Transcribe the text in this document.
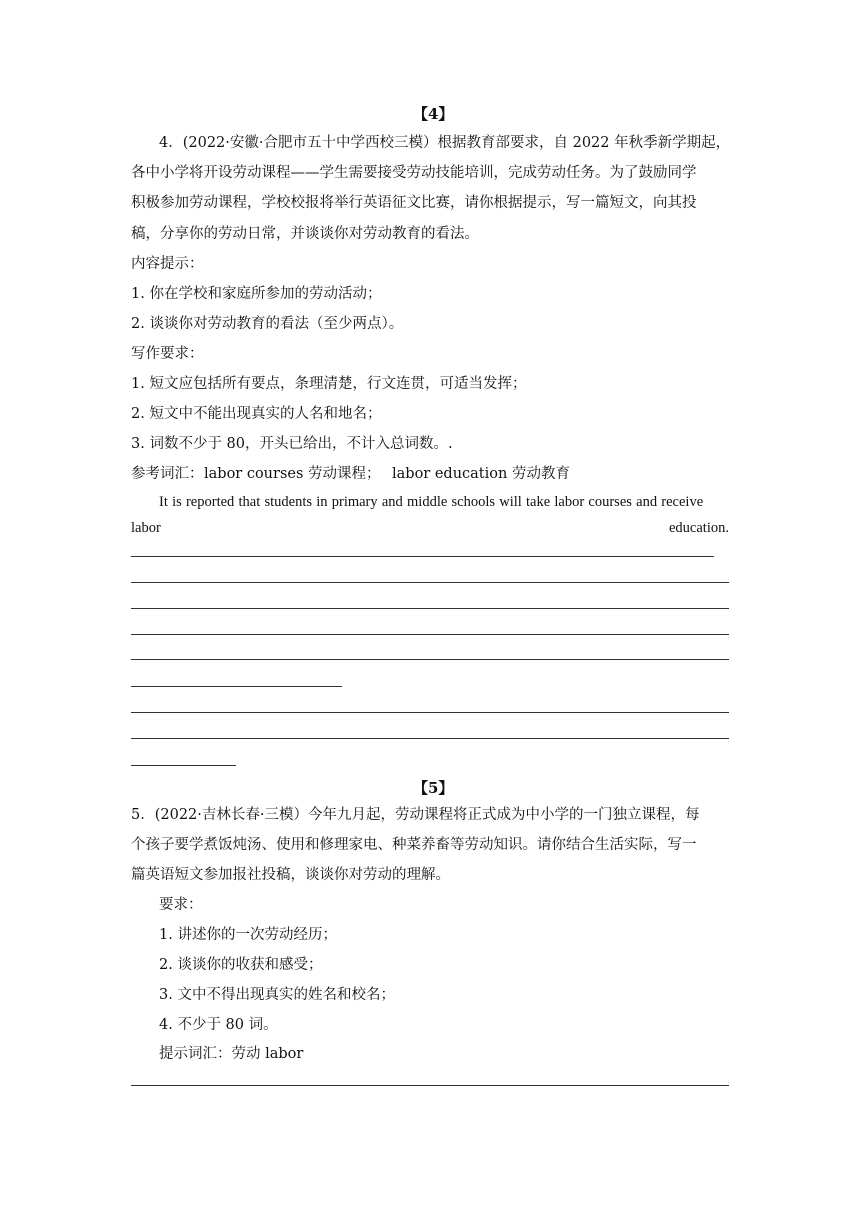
【4】
4．(2022·安徽·合肥市五十中学西校三模）根据教育部要求，自 2022 年秋季新学期起，
各中小学将开设劳动课程——学生需要接受劳动技能培训，完成劳动任务。为了鼓励同学
积极参加劳动课程，学校校报将举行英语征文比赛，请你根据提示，写一篇短文，向其投
稿，分享你的劳动日常，并谈谈你对劳动教育的看法。
内容提示：
1. 你在学校和家庭所参加的劳动活动；
2. 谈谈你对劳动教育的看法（至少两点）。
写作要求：
1. 短文应包括所有要点，条理清楚，行文连贯，可适当发挥；
2. 短文中不能出现真实的人名和地名；
3. 词数不少于 80，开头已给出，不计入总词数。.
参考词汇： labor courses 劳动课程； labor education 劳动教育
It is reported that students in primary and middle schools will take labor courses and receive
labor	education.
【5】
5．(2022·吉林长春·三模）今年九月起，劳动课程将正式成为中小学的一门独立课程，每
个孩子要学煮饭炖汤、使用和修理家电、种菜养畜等劳动知识。请你结合生活实际，写一
篇英语短文参加报社投稿，谈谈你对劳动的理解。
要求：
1. 讲述你的一次劳动经历；
2. 谈谈你的收获和感受；
3. 文中不得出现真实的姓名和校名；
4. 不少于 80 词。
提示词汇：劳动 labor
